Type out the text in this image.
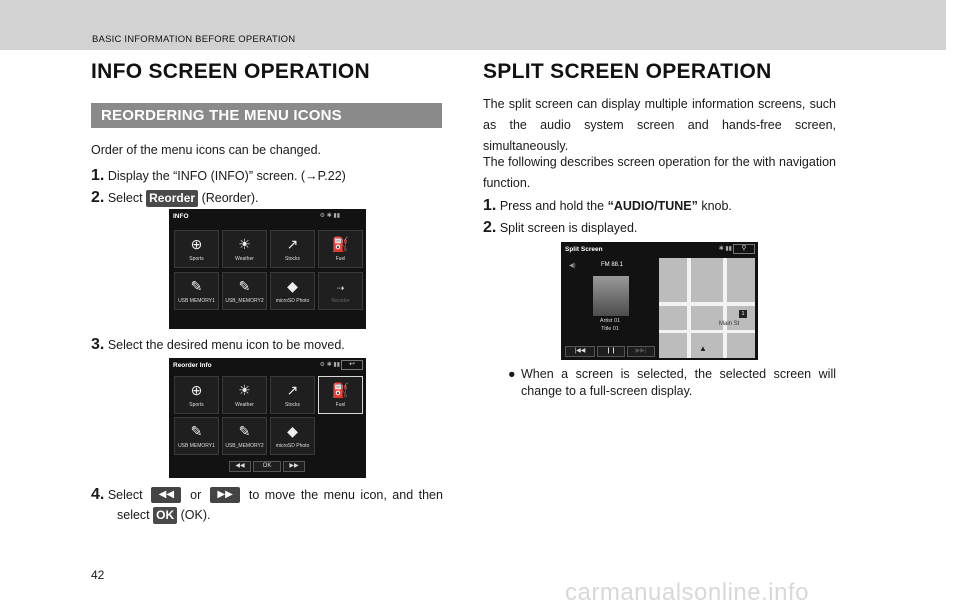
BASIC INFORMATION BEFORE OPERATION
INFO SCREEN OPERATION
REORDERING THE MENU ICONS
Order of the menu icons can be changed.
1. Display the “INFO (INFO)” screen. (→P.22)
2. Select Reorder (Reorder).
INFO	⚙ ✱ ▮▮
⊕
Sports
☀
Weather
↗
Stocks
⛽
Fuel
✎
USB MEMORY1
✎
USB_MEMORY2
◆
microSD Photo
⇢
Reorder
3. Select the desired menu icon to be moved.
Reorder Info	⚙ ✱ ▮▮	↩
⊕
Sports
☀
Weather
↗
Stocks
⛽
Fuel
✎
USB MEMORY1
✎
USB_MEMORY2
◆
microSD Photo
◀◀	OK	▶▶
4. Select	◀◀	or	▶▶	to move the menu icon, and then
select OK (OK).
SPLIT SCREEN OPERATION
The split screen can display multiple information screens, such as the audio system screen and hands-free screen, simultaneously.
The following describes screen operation for the with navigation function.
1. Press and hold the “AUDIO/TUNE” knob.
2. Split screen is displayed.
Split Screen	✱ ▮▮	⚲
◀)	FM 88.1
Artist 01
Title 01
|◀◀	❙❙	▶▶|
Main St
▲
1
● When a screen is selected, the selected screen will change to a full-screen display.
42
carmanualsonline.info
